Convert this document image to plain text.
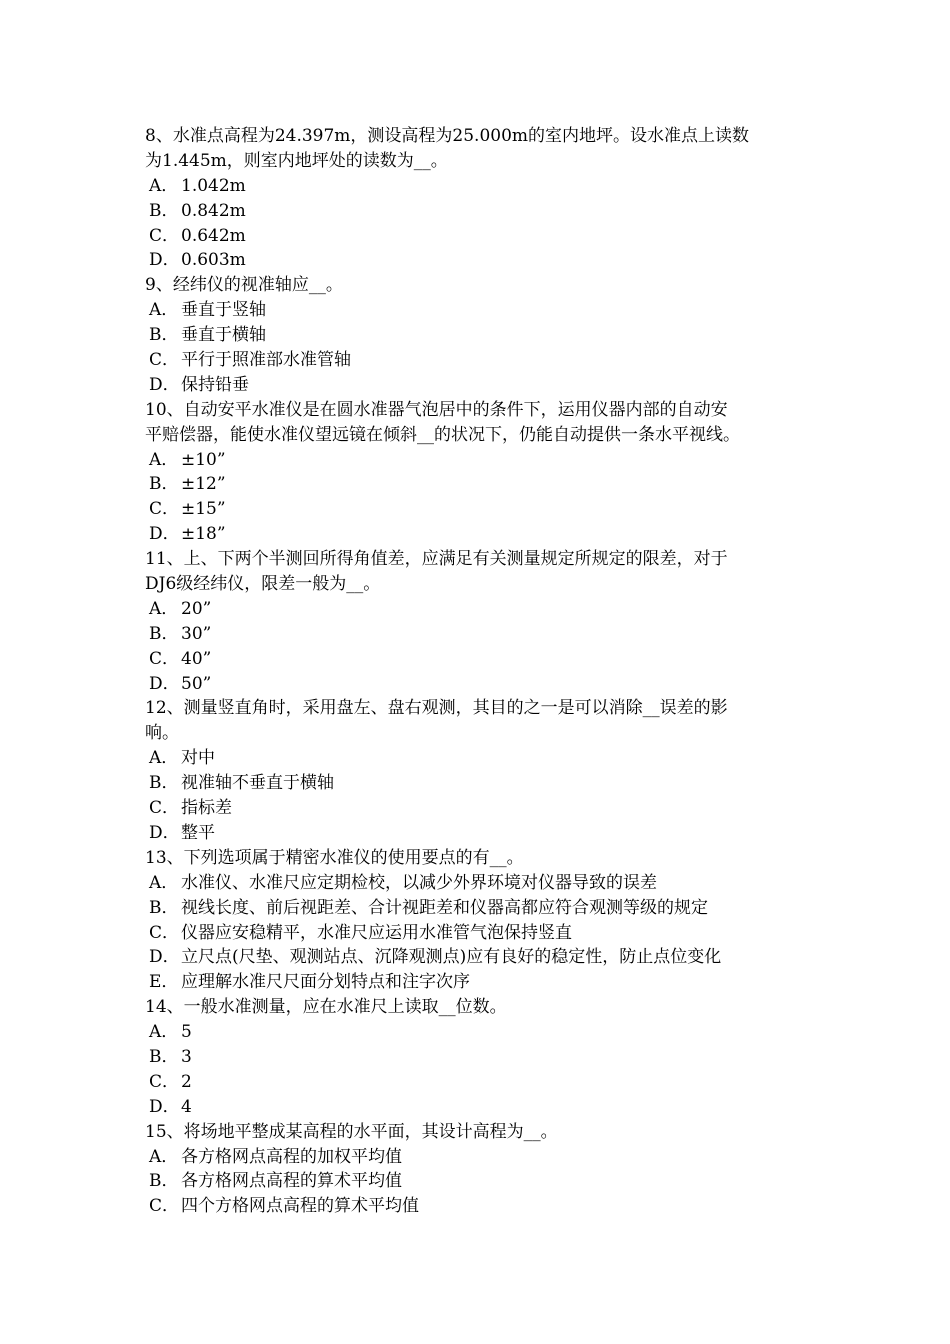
8、水准点高程为24.397m，测设高程为25.000m的室内地坪。设水准点上读数
为1.445m，则室内地坪处的读数为__。
A． 1.042m
B． 0.842m
C． 0.642m
D．0.603m
9、经纬仪的视准轴应__。
A． 垂直于竖轴
B． 垂直于横轴
C． 平行于照准部水准管轴
D．保持铅垂
10、自动安平水准仪是在圆水准器气泡居中的条件下，运用仪器内部的自动安
平赔偿器，能使水准仪望远镜在倾斜__的状况下，仍能自动提供一条水平视线。
A． ±10”
B． ±12”
C． ±15”
D．±18”
11、上、下两个半测回所得角值差，应满足有关测量规定所规定的限差，对于
DJ6级经纬仪，限差一般为__。
A． 20”
B． 30”
C． 40”
D．50”
12、测量竖直角时，采用盘左、盘右观测，其目的之一是可以消除__误差的影
响。
A． 对中
B． 视准轴不垂直于横轴
C． 指标差
D．整平
13、下列选项属于精密水准仪的使用要点的有__。
A． 水准仪、水准尺应定期检校，以减少外界环境对仪器导致的误差
B． 视线长度、前后视距差、合计视距差和仪器高都应符合观测等级的规定
C． 仪器应安稳精平，水准尺应运用水准管气泡保持竖直
D．立尺点(尺垫、观测站点、沉降观测点)应有良好的稳定性，防止点位变化
E． 应理解水准尺尺面分划特点和注字次序
14、一般水准测量，应在水准尺上读取__位数。
A． 5
B． 3
C． 2
D．4
15、将场地平整成某高程的水平面，其设计高程为__。
A． 各方格网点高程的加权平均值
B． 各方格网点高程的算术平均值
C． 四个方格网点高程的算术平均值
